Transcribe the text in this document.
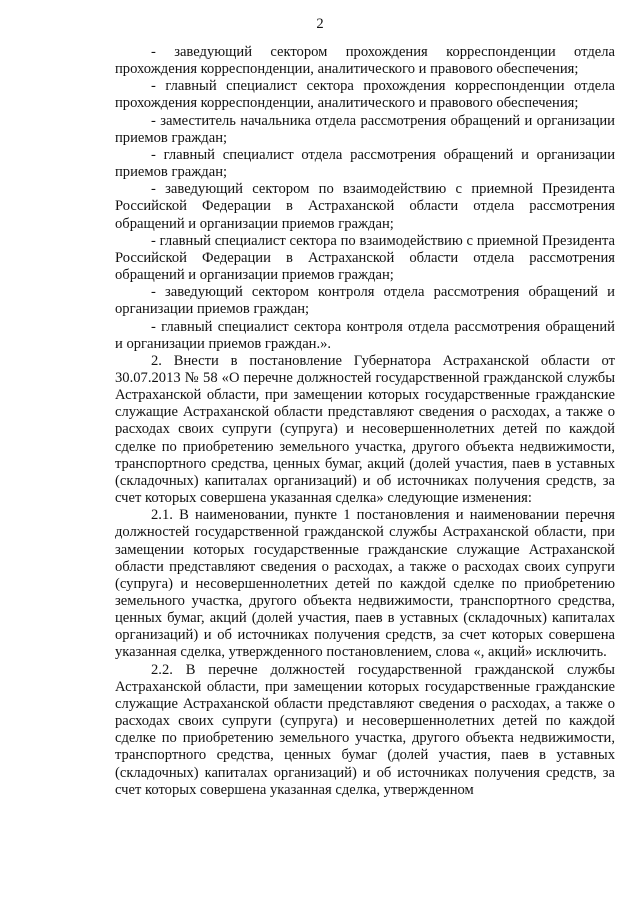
2

- заведующий сектором прохождения корреспонденции отдела прохождения корреспонденции, аналитического и правового обеспечения;

- главный специалист сектора прохождения корреспонденции отдела прохождения корреспонденции, аналитического и правового обеспечения;

- заместитель начальника отдела рассмотрения обращений и организации приемов граждан;

- главный специалист отдела рассмотрения обращений и организации приемов граждан;

- заведующий сектором по взаимодействию с приемной Президента Российской Федерации в Астраханской области отдела рассмотрения обращений и организации приемов граждан;

- главный специалист сектора по взаимодействию с приемной Президента Российской Федерации в Астраханской области отдела рассмотрения обращений и организации приемов граждан;

- заведующий сектором контроля отдела рассмотрения обращений и организации приемов граждан;

- главный специалист сектора контроля отдела рассмотрения обращений и организации приемов граждан.».

2. Внести в постановление Губернатора Астраханской области от 30.07.2013 № 58 «О перечне должностей государственной гражданской службы Астраханской области, при замещении которых государственные гражданские служащие Астраханской области представляют сведения о расходах, а также о расходах своих супруги (супруга) и несовершеннолетних детей по каждой сделке по приобретению земельного участка, другого объекта недвижимости, транспортного средства, ценных бумаг, акций (долей участия, паев в уставных (складочных) капиталах организаций) и об источниках получения средств, за счет которых совершена указанная сделка» следующие изменения:

2.1. В наименовании, пункте 1 постановления и наименовании перечня должностей государственной гражданской службы Астраханской области, при замещении которых государственные гражданские служащие Астраханской области представляют сведения о расходах, а также о расходах своих супруги (супруга) и несовершеннолетних детей по каждой сделке по приобретению земельного участка, другого объекта недвижимости, транспортного средства, ценных бумаг, акций (долей участия, паев в уставных (складочных) капиталах организаций) и об источниках получения средств, за счет которых совершена указанная сделка, утвержденного постановлением, слова «, акций» исключить.

2.2. В перечне должностей государственной гражданской службы Астраханской области, при замещении которых государственные гражданские служащие Астраханской области представляют сведения о расходах, а также о расходах своих супруги (супруга) и несовершеннолетних детей по каждой сделке по приобретению земельного участка, другого объекта недвижимости, транспортного средства, ценных бумаг (долей участия, паев в уставных (складочных) капиталах организаций) и об источниках получения средств, за счет которых совершена указанная сделка, утвержденном
